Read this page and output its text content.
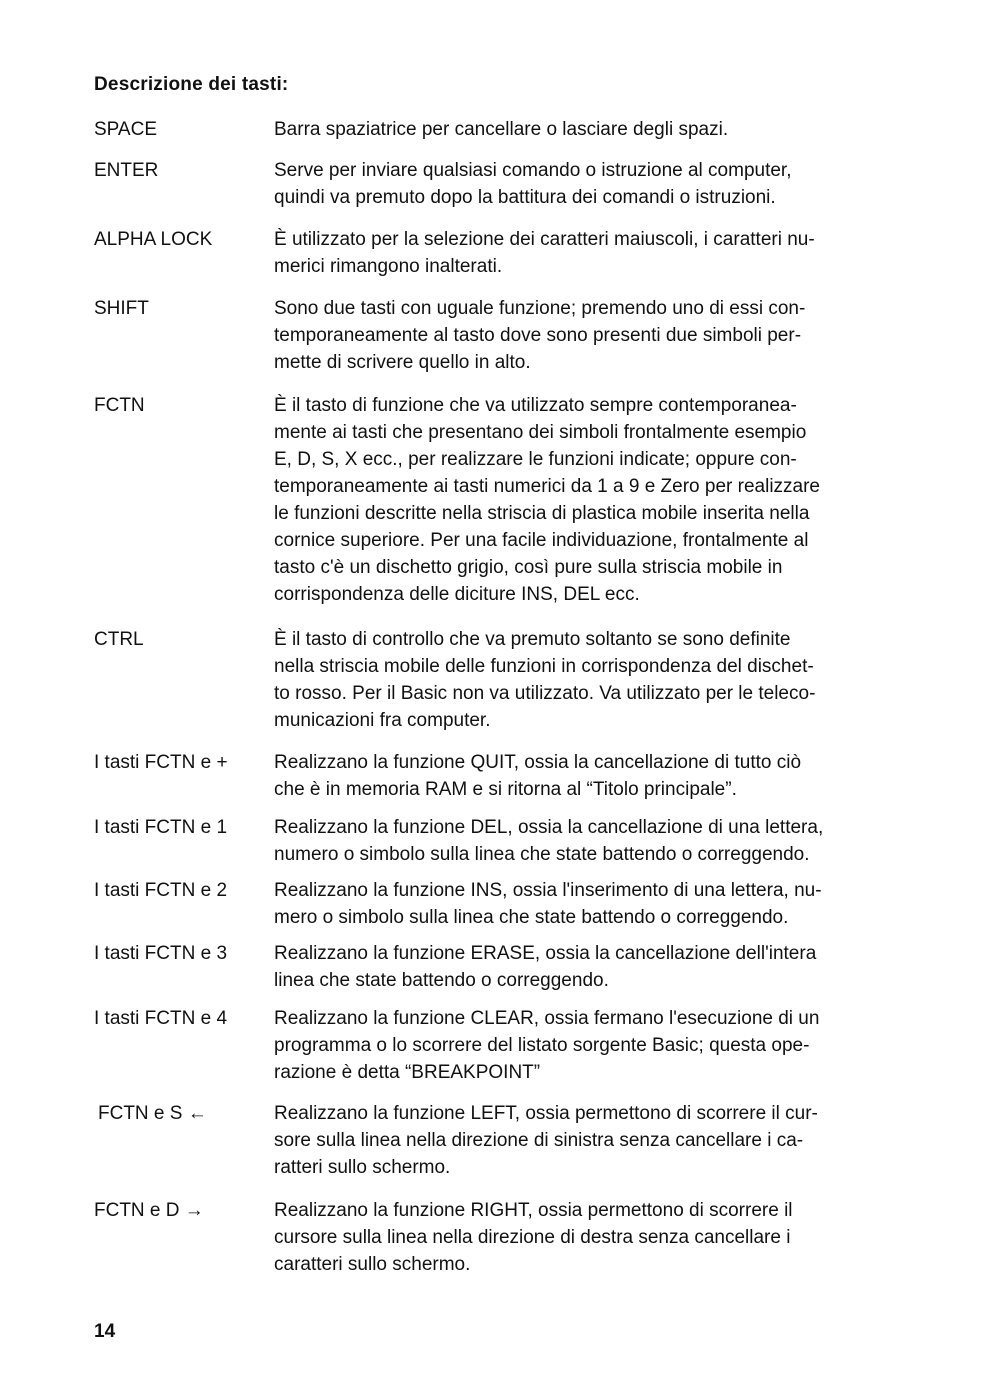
Descrizione dei tasti:
SPACE	Barra spaziatrice per cancellare o lasciare degli spazi.
ENTER	Serve per inviare qualsiasi comando o istruzione al computer,
quindi va premuto dopo la battitura dei comandi o istruzioni.
ALPHA LOCK	È utilizzato per la selezione dei caratteri maiuscoli, i caratteri nu-
merici rimangono inalterati.
SHIFT	Sono due tasti con uguale funzione; premendo uno di essi con-
temporaneamente al tasto dove sono presenti due simboli per-
mette di scrivere quello in alto.
FCTN	È il tasto di funzione che va utilizzato sempre contemporanea-
mente ai tasti che presentano dei simboli frontalmente esempio
E, D, S, X ecc., per realizzare le funzioni indicate; oppure con-
temporaneamente ai tasti numerici da 1 a 9 e Zero per realizzare
le funzioni descritte nella striscia di plastica mobile inserita nella
cornice superiore. Per una facile individuazione, frontalmente al
tasto c'è un dischetto grigio, così pure sulla striscia mobile in
corrispondenza delle diciture INS, DEL ecc.
CTRL	È il tasto di controllo che va premuto soltanto se sono definite
nella striscia mobile delle funzioni in corrispondenza del dischet-
to rosso. Per il Basic non va utilizzato. Va utilizzato per le teleco-
municazioni fra computer.
I tasti FCTN e + Realizzano la funzione QUIT, ossia la cancellazione di tutto ciò
che è in memoria RAM e si ritorna al “Titolo principale”.
I tasti FCTN e 1 Realizzano la funzione DEL, ossia la cancellazione di una lettera,
numero o simbolo sulla linea che state battendo o correggendo.
I tasti FCTN e 2 Realizzano la funzione INS, ossia l'inserimento di una lettera, nu-
mero o simbolo sulla linea che state battendo o correggendo.
I tasti FCTN e 3 Realizzano la funzione ERASE, ossia la cancellazione dell'intera
linea che state battendo o correggendo.
I tasti FCTN e 4 Realizzano la funzione CLEAR, ossia fermano l'esecuzione di un
programma o lo scorrere del listato sorgente Basic; questa ope-
razione è detta “BREAKPOINT”
FCTN e S ←	Realizzano la funzione LEFT, ossia permettono di scorrere il cur-
sore sulla linea nella direzione di sinistra senza cancellare i ca-
ratteri sullo schermo.
FCTN e D →	Realizzano la funzione RIGHT, ossia permettono di scorrere il
cursore sulla linea nella direzione di destra senza cancellare i
caratteri sullo schermo.
14
